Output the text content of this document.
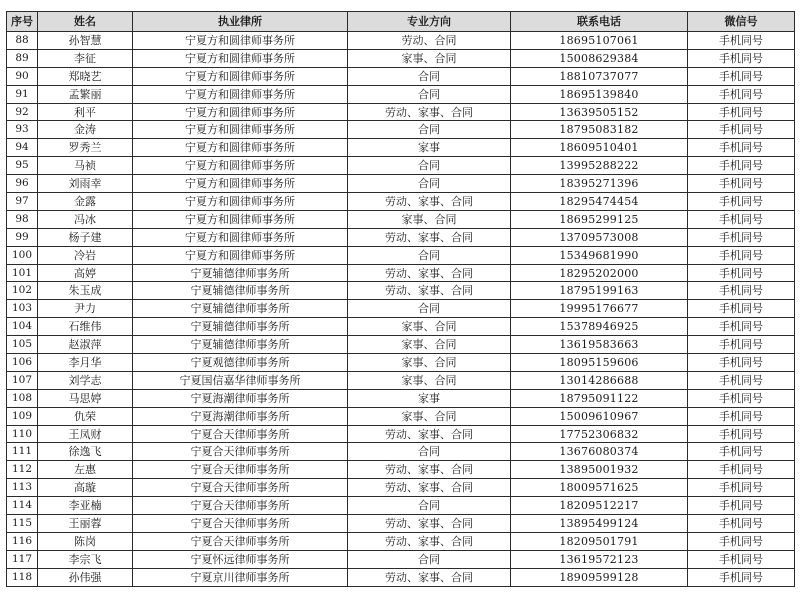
序号	姓名	执业律所	专业方向	联系电话	微信号
88	孙智慧	宁夏方和圆律师事务所	劳动、合同	18695107061	手机同号
89	李征	宁夏方和圆律师事务所	家事、合同	15008629384	手机同号
90	郑晓艺	宁夏方和圆律师事务所	合同	18810737077	手机同号
91	孟繁丽	宁夏方和圆律师事务所	合同	18695139840	手机同号
92	利平	宁夏方和圆律师事务所	劳动、家事、合同	13639505152	手机同号
93	金涛	宁夏方和圆律师事务所	合同	18795083182	手机同号
94	罗秀兰	宁夏方和圆律师事务所	家事	18609510401	手机同号
95	马祯	宁夏方和圆律师事务所	合同	13995288222	手机同号
96	刘雨幸	宁夏方和圆律师事务所	合同	18395271396	手机同号
97	金露	宁夏方和圆律师事务所	劳动、家事、合同	18295474454	手机同号
98	冯冰	宁夏方和圆律师事务所	家事、合同	18695299125	手机同号
99	杨子建	宁夏方和圆律师事务所	劳动、家事、合同	13709573008	手机同号
100	冷岩	宁夏方和圆律师事务所	合同	15349681990	手机同号
101	高婷	宁夏辅德律师事务所	劳动、家事、合同	18295202000	手机同号
102	朱玉成	宁夏辅德律师事务所	劳动、家事、合同	18795199163	手机同号
103	尹力	宁夏辅德律师事务所	合同	19995176677	手机同号
104	石维伟	宁夏辅德律师事务所	家事、合同	15378946925	手机同号
105	赵淑萍	宁夏辅德律师事务所	家事、合同	13619583663	手机同号
106	李月华	宁夏观德律师事务所	家事、合同	18095159606	手机同号
107	刘学志	宁夏国信嘉华律师事务所	家事、合同	13014286688	手机同号
108	马思婷	宁夏海潮律师事务所	家事	18795091122	手机同号
109	仇荣	宁夏海潮律师事务所	家事、合同	15009610967	手机同号
110	王凤财	宁夏合天律师事务所	劳动、家事、合同	17752306832	手机同号
111	徐逸飞	宁夏合天律师事务所	合同	13676080374	手机同号
112	左惠	宁夏合天律师事务所	劳动、家事、合同	13895001932	手机同号
113	高璇	宁夏合天律师事务所	劳动、家事、合同	18009571625	手机同号
114	李亚楠	宁夏合天律师事务所	合同	18209512217	手机同号
115	王丽蓉	宁夏合天律师事务所	劳动、家事、合同	13895499124	手机同号
116	陈岗	宁夏合天律师事务所	劳动、家事、合同	18209501791	手机同号
117	李宗飞	宁夏怀远律师事务所	合同	13619572123	手机同号
118	孙伟强	宁夏京川律师事务所	劳动、家事、合同	18909599128	手机同号
